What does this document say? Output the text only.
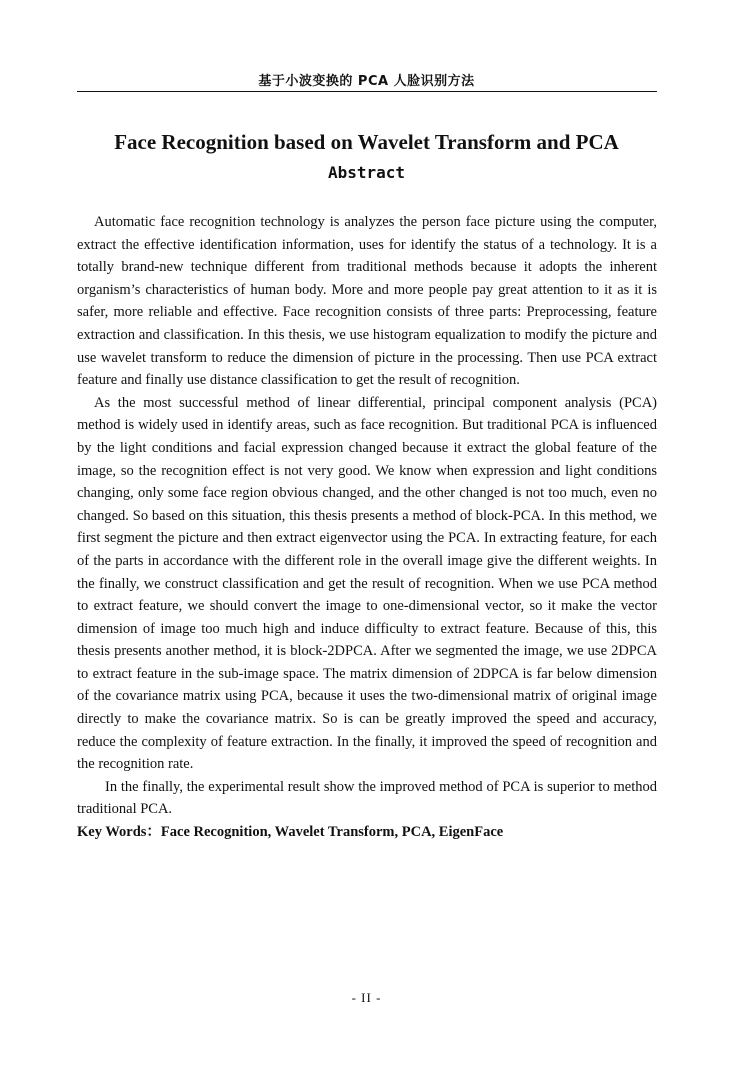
基于小波变换的 PCA 人脸识别方法
Face Recognition based on Wavelet Transform and PCA
Abstract

Automatic face recognition technology is analyzes the person face picture using the computer, extract the effective identification information, uses for identify the status of a technology. It is a totally brand-new technique different from traditional methods because it adopts the inherent organism’s characteristics of human body. More and more people pay great attention to it as it is safer, more reliable and effective. Face recognition consists of three parts: Preprocessing, feature extraction and classification. In this thesis, we use histogram equalization to modify the picture and use wavelet transform to reduce the dimension of picture in the processing. Then use PCA extract feature and finally use distance classification to get the result of recognition.

As the most successful method of linear differential, principal component analysis (PCA) method is widely used in identify areas, such as face recognition. But traditional PCA is influenced by the light conditions and facial expression changed because it extract the global feature of the image, so the recognition effect is not very good. We know when expression and light conditions changing, only some face region obvious changed, and the other changed is not too much, even no changed. So based on this situation, this thesis presents a method of block-PCA. In this method, we first segment the picture and then extract eigenvector using the PCA. In extracting feature, for each of the parts in accordance with the different role in the overall image give the different weights. In the finally, we construct classification and get the result of recognition. When we use PCA method to extract feature, we should convert the image to one-dimensional vector, so it make the vector dimension of image too much high and induce difficulty to extract feature. Because of this, this thesis presents another method, it is block-2DPCA. After we segmented the image, we use 2DPCA to extract feature in the sub-image space. The matrix dimension of 2DPCA is far below dimension of the covariance matrix using PCA, because it uses the two-dimensional matrix of original image directly to make the covariance matrix. So is can be greatly improved the speed and accuracy, reduce the complexity of feature extraction. In the finally, it improved the speed of recognition and the recognition rate.

In the finally, the experimental result show the improved method of PCA is superior to method traditional PCA.

Key Words：Face Recognition, Wavelet Transform, PCA, EigenFace
- II -
